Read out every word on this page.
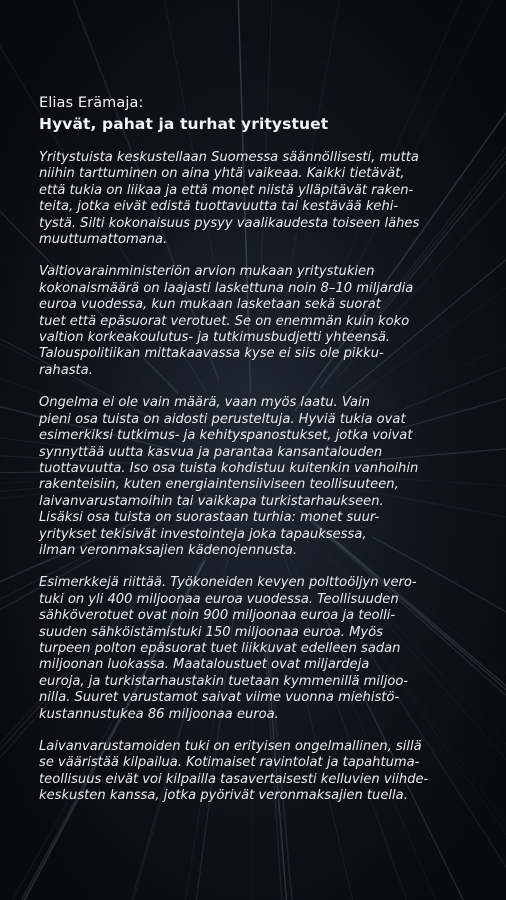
Elias Erämaja:
Hyvät, pahat ja turhat yritystuet

Yritystuista keskustellaan Suomessa säännöllisesti, mutta
niihin tarttuminen on aina yhtä vaikeaa. Kaikki tietävät,
että tukia on liikaa ja että monet niistä ylläpitävät raken-
teita, jotka eivät edistä tuottavuutta tai kestävää kehi-
tystä. Silti kokonaisuus pysyy vaalikaudesta toiseen lähes
muuttumattomana.

Valtiovarainministeriön arvion mukaan yritystukien
kokonaismäärä on laajasti laskettuna noin 8–10 miljardia
euroa vuodessa, kun mukaan lasketaan sekä suorat
tuet että epäsuorat verotuet. Se on enemmän kuin koko
valtion korkeakoulutus- ja tutkimusbudjetti yhteensä.
Talouspolitiikan mittakaavassa kyse ei siis ole pikku-
rahasta.

Ongelma ei ole vain määrä, vaan myös laatu. Vain
pieni osa tuista on aidosti perusteltuja. Hyviä tukia ovat
esimerkiksi tutkimus- ja kehityspanostukset, jotka voivat
synnyttää uutta kasvua ja parantaa kansantalouden
tuottavuutta. Iso osa tuista kohdistuu kuitenkin vanhoihin
rakenteisiin, kuten energiaintensiiviseen teollisuuteen,
laivanvarustamoihin tai vaikkapa turkistarhaukseen.
Lisäksi osa tuista on suorastaan turhia: monet suur-
yritykset tekisivät investointeja joka tapauksessa,
ilman veronmaksajien kädenojennusta.

Esimerkkejä riittää. Työkoneiden kevyen polttoöljyn vero-
tuki on yli 400 miljoonaa euroa vuodessa. Teollisuuden
sähköverotuet ovat noin 900 miljoonaa euroa ja teolli-
suuden sähköistämistuki 150 miljoonaa euroa. Myös
turpeen polton epäsuorat tuet liikkuvat edelleen sadan
miljoonan luokassa. Maataloustuet ovat miljardeja
euroja, ja turkistarhaustakin tuetaan kymmenillä miljoo-
nilla. Suuret varustamot saivat viime vuonna miehistö-
kustannustukea 86 miljoonaa euroa.

Laivanvarustamoiden tuki on erityisen ongelmallinen, sillä
se vääristää kilpailua. Kotimaiset ravintolat ja tapahtuma-
teollisuus eivät voi kilpailla tasavertaisesti kelluvien viihde-
keskusten kanssa, jotka pyörivät veronmaksajien tuella.
